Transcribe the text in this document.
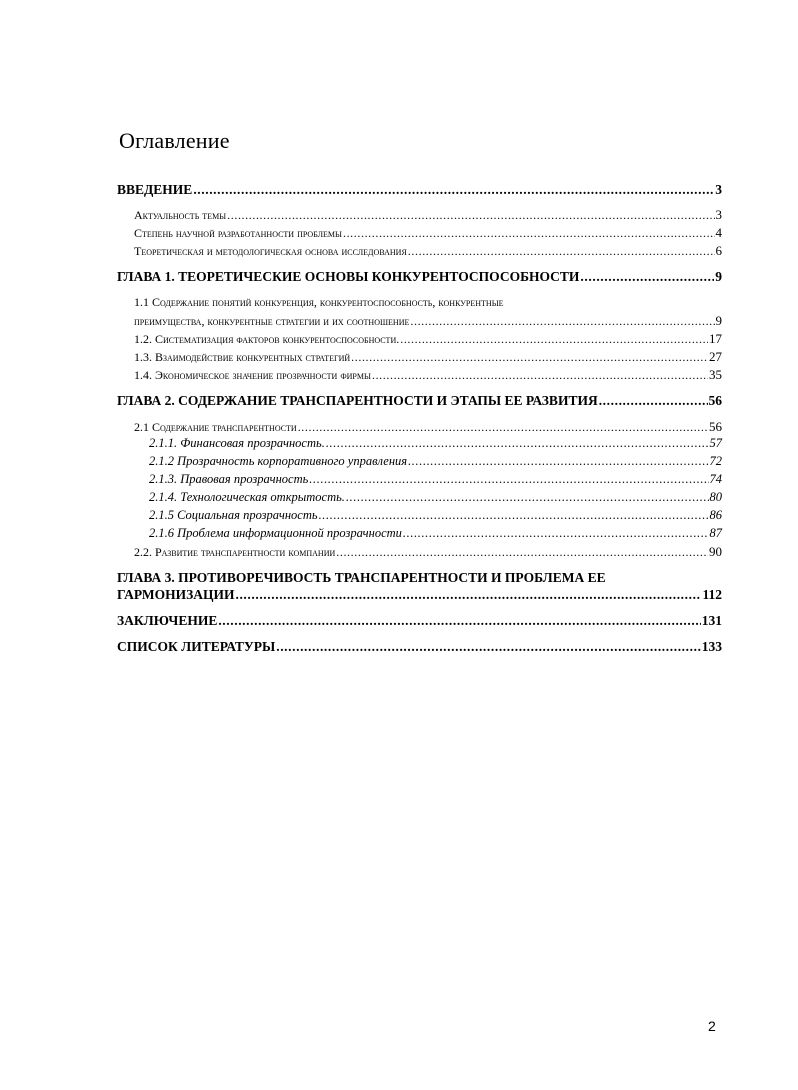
Оглавление
ВВЕДЕНИЕ .....	3
Актуальность темы .....	3
Степень научной разработанности проблемы .....	4
Теоретическая и методологическая основа исследования .....	6
ГЛАВА 1. ТЕОРЕТИЧЕСКИЕ ОСНОВЫ КОНКУРЕНТОСПОСОБНОСТИ .....	9
1.1 Содержание понятий конкуренция, конкурентоспособность, конкурентные
преимущества, конкурентные стратегии и их соотношение .....	9
1.2. Систематизация факторов конкурентоспособности. .....	17
1.3. Взаимодействие конкурентных стратегий .....	27
1.4. Экономическое значение прозрачности фирмы .....	35
ГЛАВА 2. СОДЕРЖАНИЕ ТРАНСПАРЕНТНОСТИ И ЭТАПЫ ЕЕ РАЗВИТИЯ .....	56
2.1 Содержание транспарентности .....	56
2.1.1. Финансовая прозрачность. .....	57
2.1.2 Прозрачность корпоративного управления .....	72
2.1.3. Правовая прозрачность .....	74
2.1.4. Технологическая открытость. .....	80
2.1.5 Социальная прозрачность .....	86
2.1.6 Проблема информационной прозрачности .....	87
2.2. Развитие транспарентности компании .....	90
ГЛАВА 3. ПРОТИВОРЕЧИВОСТЬ ТРАНСПАРЕНТНОСТИ И ПРОБЛЕМА ЕЕ
ГАРМОНИЗАЦИИ .....	112
ЗАКЛЮЧЕНИЕ .....	131
СПИСОК ЛИТЕРАТУРЫ .....	133
2
